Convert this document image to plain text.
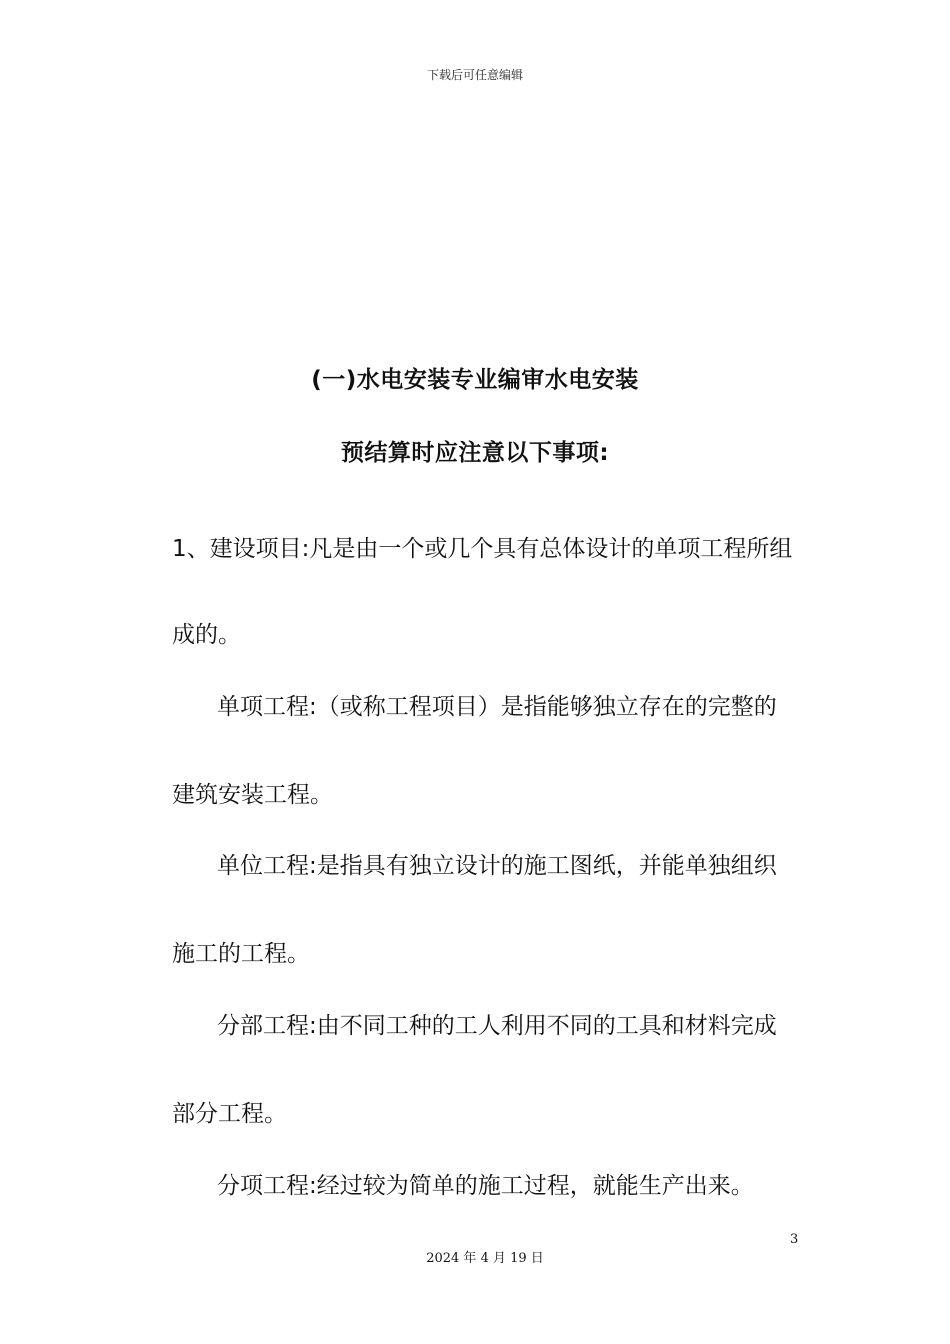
下载后可任意编辑
(一)水电安装专业编审水电安装
预结算时应注意以下事项:
1、建设项目:凡是由一个或几个具有总体设计的单项工程所组
成的。
单项工程:（或称工程项目）是指能够独立存在的完整的
建筑安装工程。
单位工程:是指具有独立设计的施工图纸，并能单独组织
施工的工程。
分部工程:由不同工种的工人利用不同的工具和材料完成
部分工程。
分项工程:经过较为简单的施工过程，就能生产出来。
3
2024 年 4 月 19 日
